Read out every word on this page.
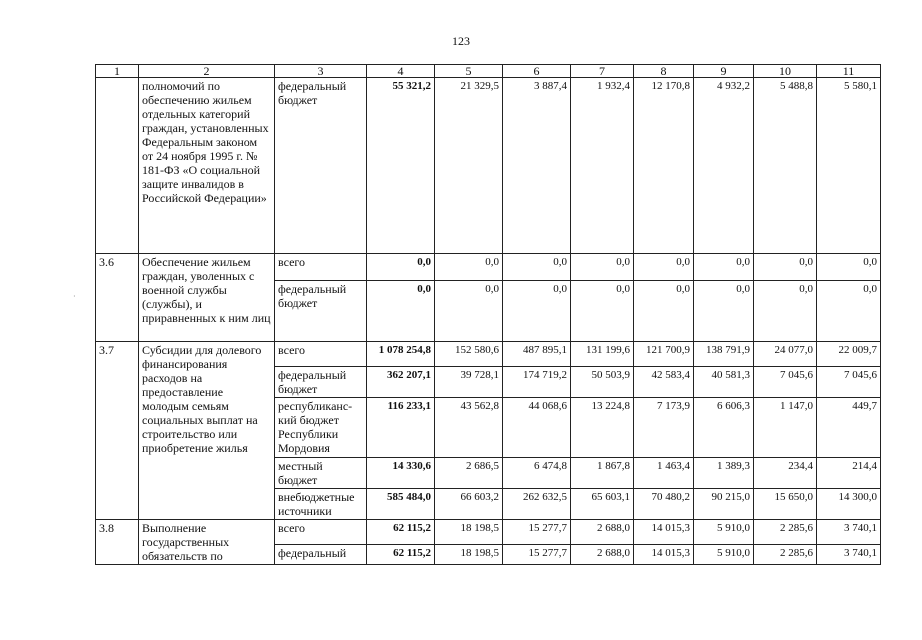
123
·
1	2	3	4	5	6	7	8	9	10	11
	полномочий по обеспечению жильем отдельных категорий граждан, установленных Федеральным законом от 24 ноября 1995 г. № 181-ФЗ «О социальной защите инвалидов в Российской Федерации»	федеральный бюджет	55 321,2	21 329,5	3 887,4	1 932,4	12 170,8	4 932,2	5 488,8	5 580,1
3.6	Обеспечение жильем граждан, уволенных с военной службы (службы), и приравненных к ним лиц	всего	0,0	0,0	0,0	0,0	0,0	0,0	0,0	0,0
		федеральный бюджет	0,0	0,0	0,0	0,0	0,0	0,0	0,0	0,0
3.7	Субсидии для долевого финансирования расходов на предоставление молодым семьям социальных выплат на строительство или приобретение жилья	всего	1 078 254,8	152 580,6	487 895,1	131 199,6	121 700,9	138 791,9	24 077,0	22 009,7
		федеральный бюджет	362 207,1	39 728,1	174 719,2	50 503,9	42 583,4	40 581,3	7 045,6	7 045,6
		республиканс-кий бюджет Республики Мордовия	116 233,1	43 562,8	44 068,6	13 224,8	7 173,9	6 606,3	1 147,0	449,7
		местный бюджет	14 330,6	2 686,5	6 474,8	1 867,8	1 463,4	1 389,3	234,4	214,4
		внебюджетные источники	585 484,0	66 603,2	262 632,5	65 603,1	70 480,2	90 215,0	15 650,0	14 300,0
3.8	Выполнение государственных обязательств по	всего	62 115,2	18 198,5	15 277,7	2 688,0	14 015,3	5 910,0	2 285,6	3 740,1
		федеральный	62 115,2	18 198,5	15 277,7	2 688,0	14 015,3	5 910,0	2 285,6	3 740,1
